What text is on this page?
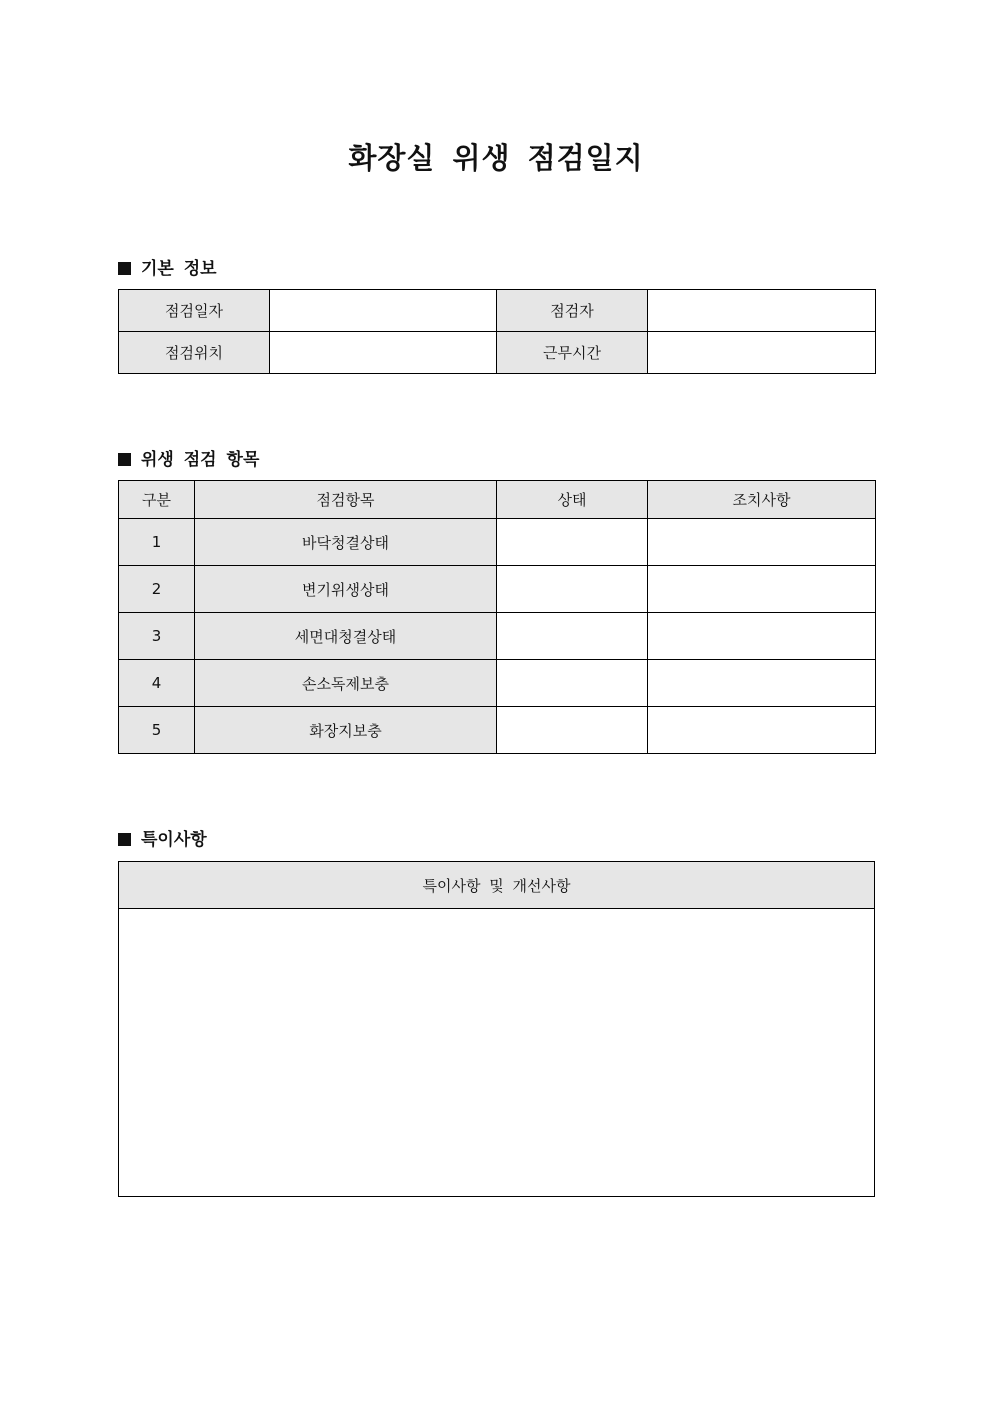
화장실 위생 점검일지
기본 정보
점검일자		점검자	
점검위치		근무시간	
위생 점검 항목
구분	점검항목	상태	조치사항
1	바닥청결상태		
2	변기위생상태		
3	세면대청결상태		
4	손소독제보충		
5	화장지보충		
특이사항
특이사항 및 개선사항
